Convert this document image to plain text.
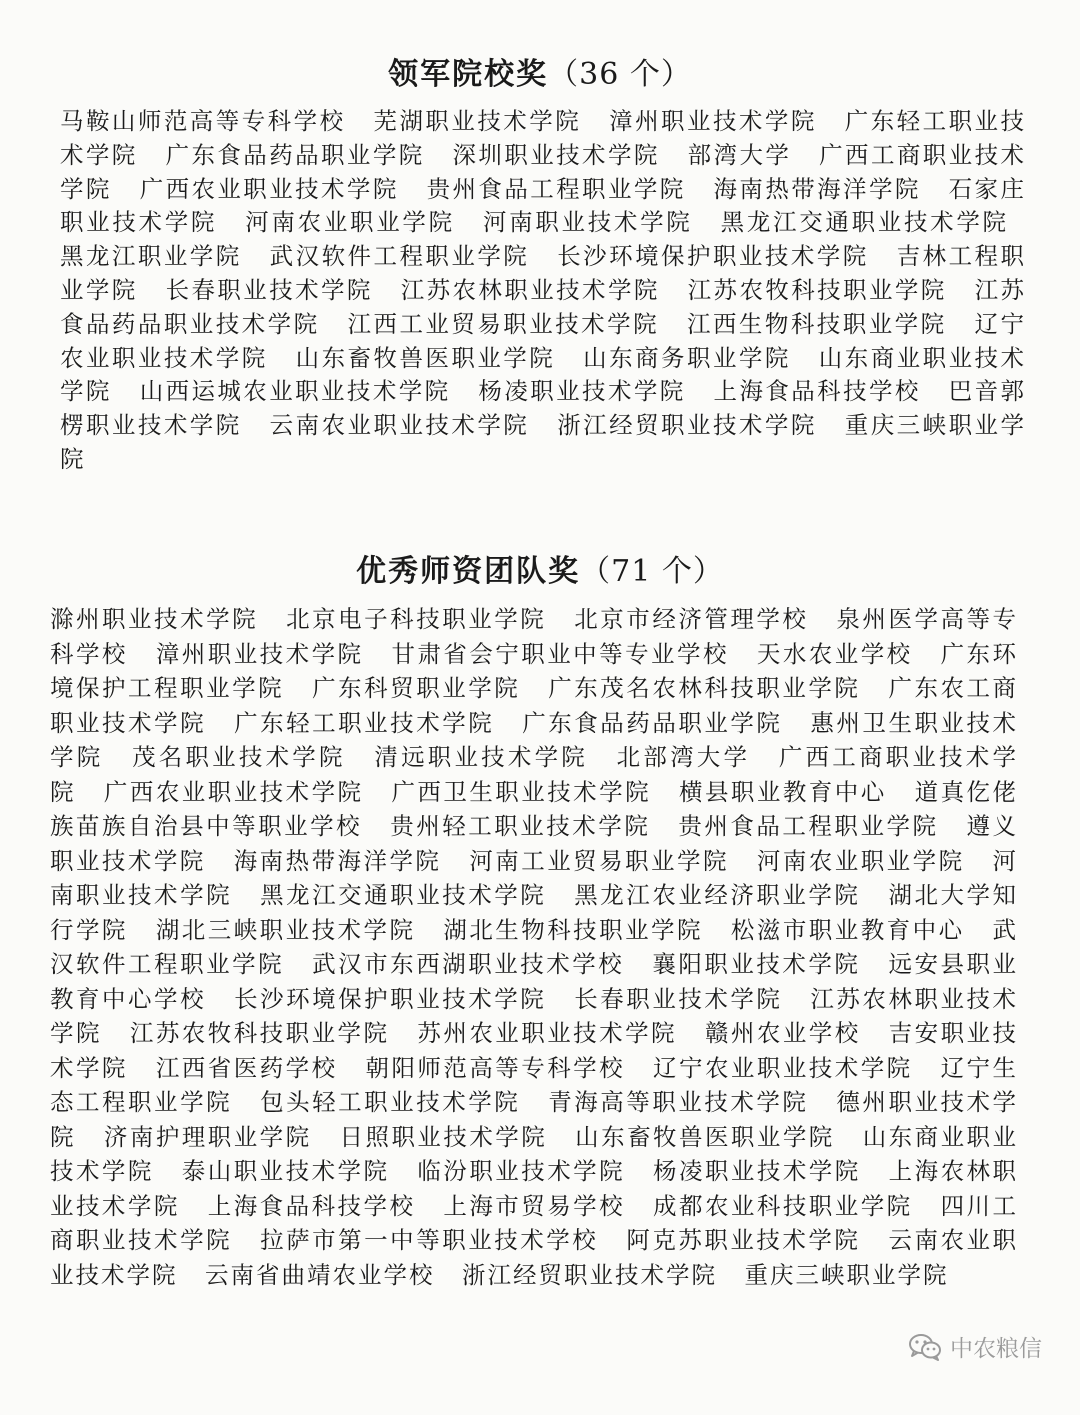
领军院校奖（36 个）

马鞍山师范高等专科学校 芜湖职业技术学院 漳州职业技术学院 广东轻工职业技术学院 广东食品药品职业学院 深圳职业技术学院 部湾大学 广西工商职业技术学院 广西农业职业技术学院 贵州食品工程职业学院 海南热带海洋学院 石家庄职业技术学院 河南农业职业学院 河南职业技术学院 黑龙江交通职业技术学院 黑龙江职业学院 武汉软件工程职业学院 长沙环境保护职业技术学院 吉林工程职业学院 长春职业技术学院 江苏农林职业技术学院 江苏农牧科技职业学院 江苏食品药品职业技术学院 江西工业贸易职业技术学院 江西生物科技职业学院 辽宁农业职业技术学院 山东畜牧兽医职业学院 山东商务职业学院 山东商业职业技术学院 山西运城农业职业技术学院 杨凌职业技术学院 上海食品科技学校 巴音郭楞职业技术学院 云南农业职业技术学院 浙江经贸职业技术学院 重庆三峡职业学院

优秀师资团队奖（71 个）

滁州职业技术学院 北京电子科技职业学院 北京市经济管理学校 泉州医学高等专科学校 漳州职业技术学院 甘肃省会宁职业中等专业学校 天水农业学校 广东环境保护工程职业学院 广东科贸职业学院 广东茂名农林科技职业学院 广东农工商职业技术学院 广东轻工职业技术学院 广东食品药品职业学院 惠州卫生职业技术学院 茂名职业技术学院 清远职业技术学院 北部湾大学 广西工商职业技术学院 广西农业职业技术学院 广西卫生职业技术学院 横县职业教育中心 道真仡佬族苗族自治县中等职业学校 贵州轻工职业技术学院 贵州食品工程职业学院 遵义职业技术学院 海南热带海洋学院 河南工业贸易职业学院 河南农业职业学院 河南职业技术学院 黑龙江交通职业技术学院 黑龙江农业经济职业学院 湖北大学知行学院 湖北三峡职业技术学院 湖北生物科技职业学院 松滋市职业教育中心 武汉软件工程职业学院 武汉市东西湖职业技术学校 襄阳职业技术学院 远安县职业教育中心学校 长沙环境保护职业技术学院 长春职业技术学院 江苏农林职业技术学院 江苏农牧科技职业学院 苏州农业职业技术学院 赣州农业学校 吉安职业技术学院 江西省医药学校 朝阳师范高等专科学校 辽宁农业职业技术学院 辽宁生态工程职业学院 包头轻工职业技术学院 青海高等职业技术学院 德州职业技术学院 济南护理职业学院 日照职业技术学院 山东畜牧兽医职业学院 山东商业职业技术学院 泰山职业技术学院 临汾职业技术学院 杨凌职业技术学院 上海农林职业技术学院 上海食品科技学校 上海市贸易学校 成都农业科技职业学院 四川工商职业技术学院 拉萨市第一中等职业技术学校 阿克苏职业技术学院 云南农业职业技术学院 云南省曲靖农业学校 浙江经贸职业技术学院 重庆三峡职业学院

中农粮信
